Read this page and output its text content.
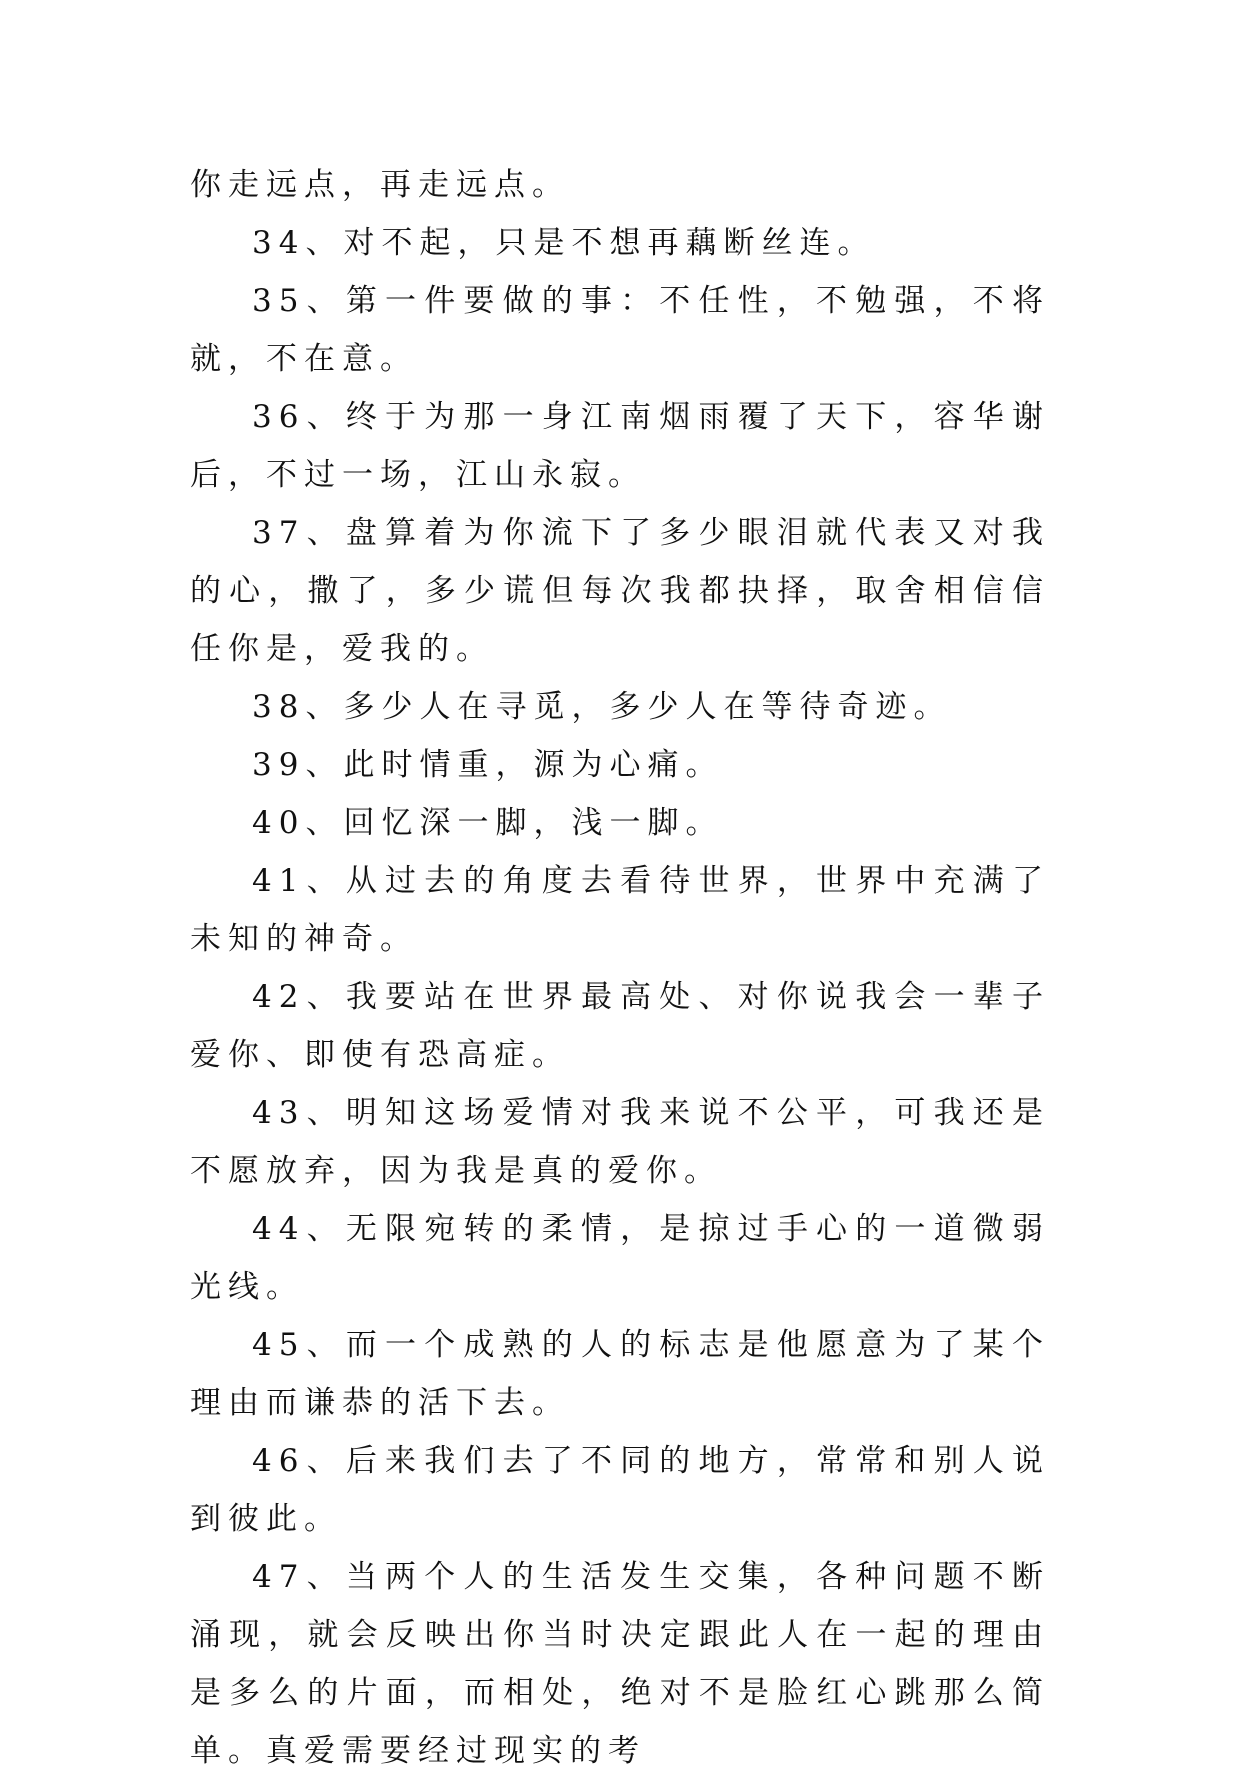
你走远点，再走远点。

34、对不起，只是不想再藕断丝连。

35、第一件要做的事：不任性，不勉强，不将就，不在意。

36、终于为那一身江南烟雨覆了天下，容华谢后，不过一场，江山永寂。

37、盘算着为你流下了多少眼泪就代表又对我的心，撒了，多少谎但每次我都抉择，取舍相信信任你是，爱我的。

38、多少人在寻觅，多少人在等待奇迹。

39、此时情重，源为心痛。

40、回忆深一脚，浅一脚。

41、从过去的角度去看待世界，世界中充满了未知的神奇。

42、我要站在世界最高处、对你说我会一辈子爱你、即使有恐高症。

43、明知这场爱情对我来说不公平，可我还是不愿放弃，因为我是真的爱你。

44、无限宛转的柔情，是掠过手心的一道微弱光线。

45、而一个成熟的人的标志是他愿意为了某个理由而谦恭的活下去。

46、后来我们去了不同的地方，常常和别人说到彼此。

47、当两个人的生活发生交集，各种问题不断涌现，就会反映出你当时决定跟此人在一起的理由是多么的片面，而相处，绝对不是脸红心跳那么简单。真爱需要经过现实的考
